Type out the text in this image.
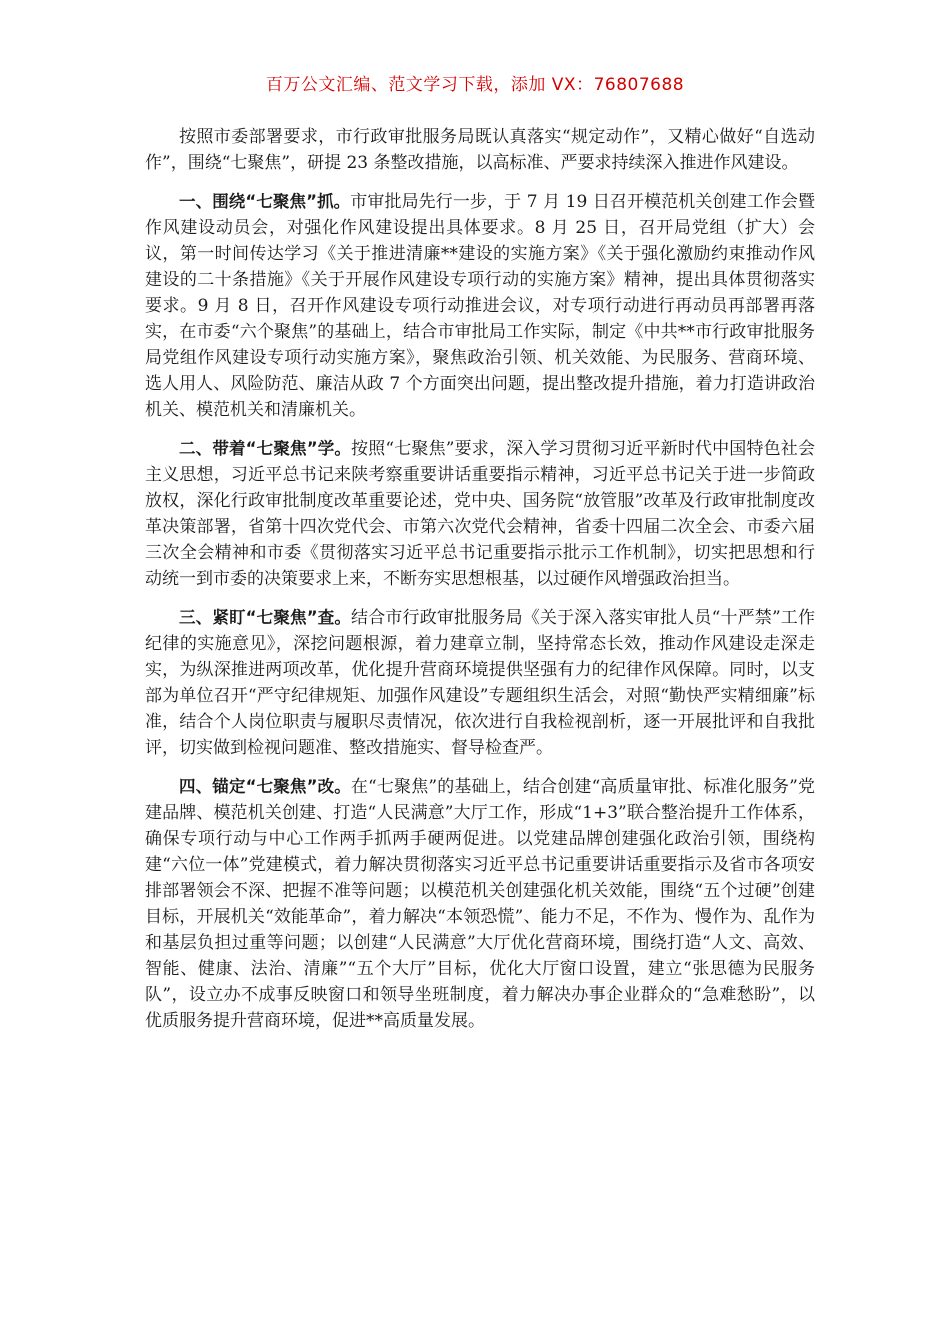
百万公文汇编、范文学习下载，添加 VX：76807688

按照市委部署要求，市行政审批服务局既认真落实“规定动作”，又精心做好“自选动作”，围绕“七聚焦”，研提 23 条整改措施，以高标准、严要求持续深入推进作风建设。

一、围绕“七聚焦”抓。市审批局先行一步，于 7 月 19 日召开模范机关创建工作会暨作风建设动员会，对强化作风建设提出具体要求。8 月 25 日，召开局党组（扩大）会议，第一时间传达学习《关于推进清廉**建设的实施方案》《关于强化激励约束推动作风建设的二十条措施》《关于开展作风建设专项行动的实施方案》精神，提出具体贯彻落实要求。9 月 8 日，召开作风建设专项行动推进会议，对专项行动进行再动员再部署再落实，在市委“六个聚焦”的基础上，结合市审批局工作实际，制定《中共**市行政审批服务局党组作风建设专项行动实施方案》，聚焦政治引领、机关效能、为民服务、营商环境、选人用人、风险防范、廉洁从政 7 个方面突出问题，提出整改提升措施，着力打造讲政治机关、模范机关和清廉机关。

二、带着“七聚焦”学。按照“七聚焦”要求，深入学习贯彻习近平新时代中国特色社会主义思想，习近平总书记来陕考察重要讲话重要指示精神，习近平总书记关于进一步简政放权，深化行政审批制度改革重要论述，党中央、国务院“放管服”改革及行政审批制度改革决策部署，省第十四次党代会、市第六次党代会精神，省委十四届二次全会、市委六届三次全会精神和市委《贯彻落实习近平总书记重要指示批示工作机制》，切实把思想和行动统一到市委的决策要求上来，不断夯实思想根基，以过硬作风增强政治担当。

三、紧盯“七聚焦”查。结合市行政审批服务局《关于深入落实审批人员“十严禁”工作纪律的实施意见》，深挖问题根源，着力建章立制，坚持常态长效，推动作风建设走深走实，为纵深推进两项改革，优化提升营商环境提供坚强有力的纪律作风保障。同时，以支部为单位召开“严守纪律规矩、加强作风建设”专题组织生活会，对照“勤快严实精细廉”标准，结合个人岗位职责与履职尽责情况，依次进行自我检视剖析，逐一开展批评和自我批评，切实做到检视问题准、整改措施实、督导检查严。

四、锚定“七聚焦”改。在“七聚焦”的基础上，结合创建“高质量审批、标准化服务”党建品牌、模范机关创建、打造“人民满意”大厅工作，形成“1+3”联合整治提升工作体系，确保专项行动与中心工作两手抓两手硬两促进。以党建品牌创建强化政治引领，围绕构建“六位一体”党建模式，着力解决贯彻落实习近平总书记重要讲话重要指示及省市各项安排部署领会不深、把握不准等问题；以模范机关创建强化机关效能，围绕“五个过硬”创建目标，开展机关“效能革命”，着力解决“本领恐慌”、能力不足，不作为、慢作为、乱作为和基层负担过重等问题；以创建“人民满意”大厅优化营商环境，围绕打造“人文、高效、智能、健康、法治、清廉”“五个大厅”目标，优化大厅窗口设置，建立“张思德为民服务队”，设立办不成事反映窗口和领导坐班制度，着力解决办事企业群众的“急难愁盼”，以优质服务提升营商环境，促进**高质量发展。
